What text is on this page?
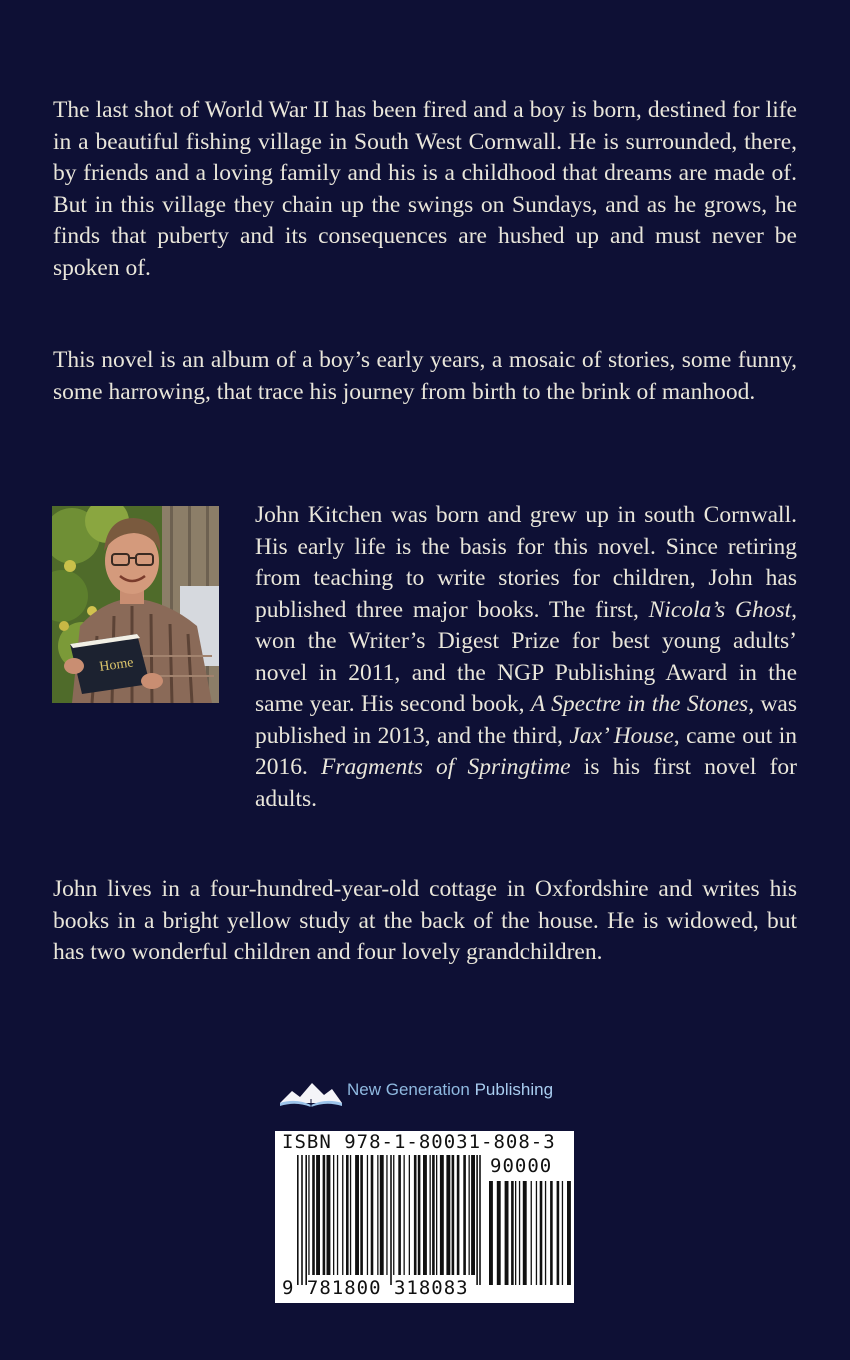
The last shot of World War II has been fired and a boy is born, destined for life in a beautiful fishing village in South West Cornwall. He is surrounded, there, by friends and a loving family and his is a childhood that dreams are made of. But in this village they chain up the swings on Sundays, and as he grows, he finds that puberty and its consequences are hushed up and must never be spoken of.

This novel is an album of a boy’s early years, a mosaic of stories, some funny, some harrowing, that trace his journey from birth to the brink of manhood.

Home

John Kitchen was born and grew up in south Cornwall. His early life is the basis for this novel. Since retiring from teaching to write stories for children, John has published three major books. The first, Nicola’s Ghost, won the Writer’s Digest Prize for best young adults’ novel in 2011, and the NGP Publishing Award in the same year. His second book, A Spectre in the Stones, was published in 2013, and the third, Jax’ House, came out in 2016. Fragments of Springtime is his first novel for adults.

John lives in a four-hundred-year-old cottage in Oxfordshire and writes his books in a bright yellow study at the back of the house. He is widowed, but has two wonderful children and four lovely grandchildren.

New Generation Publishing
ISBN 978-1-80031-808-3
90000
9 781800 318083
